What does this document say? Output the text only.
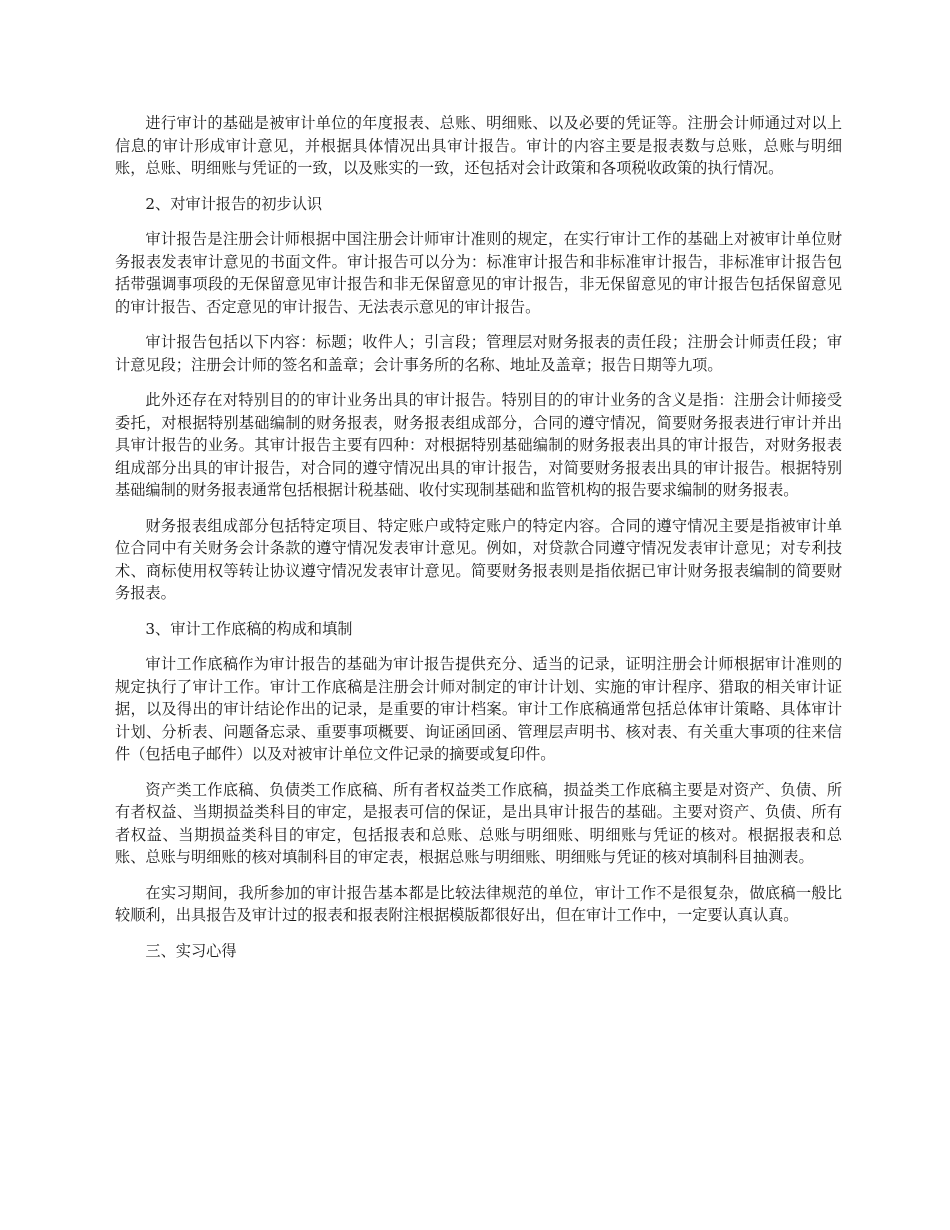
进行审计的基础是被审计单位的年度报表、总账、明细账、以及必要的凭证等。注册会计师通过对以上信息的审计形成审计意见，并根据具体情况出具审计报告。审计的内容主要是报表数与总账，总账与明细账，总账、明细账与凭证的一致，以及账实的一致，还包括对会计政策和各项税收政策的执行情况。

2、对审计报告的初步认识

审计报告是注册会计师根据中国注册会计师审计准则的规定，在实行审计工作的基础上对被审计单位财务报表发表审计意见的书面文件。审计报告可以分为：标准审计报告和非标准审计报告，非标准审计报告包括带强调事项段的无保留意见审计报告和非无保留意见的审计报告，非无保留意见的审计报告包括保留意见的审计报告、否定意见的审计报告、无法表示意见的审计报告。

审计报告包括以下内容：标题；收件人；引言段；管理层对财务报表的责任段；注册会计师责任段；审计意见段；注册会计师的签名和盖章；会计事务所的名称、地址及盖章；报告日期等九项。

此外还存在对特别目的的审计业务出具的审计报告。特别目的的审计业务的含义是指：注册会计师接受委托，对根据特别基础编制的财务报表，财务报表组成部分，合同的遵守情况，简要财务报表进行审计并出具审计报告的业务。其审计报告主要有四种：对根据特别基础编制的财务报表出具的审计报告，对财务报表组成部分出具的审计报告，对合同的遵守情况出具的审计报告，对简要财务报表出具的审计报告。根据特别基础编制的财务报表通常包括根据计税基础、收付实现制基础和监管机构的报告要求编制的财务报表。

财务报表组成部分包括特定项目、特定账户或特定账户的特定内容。合同的遵守情况主要是指被审计单位合同中有关财务会计条款的遵守情况发表审计意见。例如，对贷款合同遵守情况发表审计意见；对专利技术、商标使用权等转让协议遵守情况发表审计意见。简要财务报表则是指依据已审计财务报表编制的简要财务报表。

3、审计工作底稿的构成和填制

审计工作底稿作为审计报告的基础为审计报告提供充分、适当的记录，证明注册会计师根据审计准则的规定执行了审计工作。审计工作底稿是注册会计师对制定的审计计划、实施的审计程序、猎取的相关审计证据，以及得出的审计结论作出的记录，是重要的审计档案。审计工作底稿通常包括总体审计策略、具体审计计划、分析表、问题备忘录、重要事项概要、询证函回函、管理层声明书、核对表、有关重大事项的往来信件（包括电子邮件）以及对被审计单位文件记录的摘要或复印件。

资产类工作底稿、负债类工作底稿、所有者权益类工作底稿，损益类工作底稿主要是对资产、负债、所有者权益、当期损益类科目的审定，是报表可信的保证，是出具审计报告的基础。主要对资产、负债、所有者权益、当期损益类科目的审定，包括报表和总账、总账与明细账、明细账与凭证的核对。根据报表和总账、总账与明细账的核对填制科目的审定表，根据总账与明细账、明细账与凭证的核对填制科目抽测表。

在实习期间，我所参加的审计报告基本都是比较法律规范的单位，审计工作不是很复杂，做底稿一般比较顺利，出具报告及审计过的报表和报表附注根据模版都很好出，但在审计工作中，一定要认真认真。

三、实习心得
